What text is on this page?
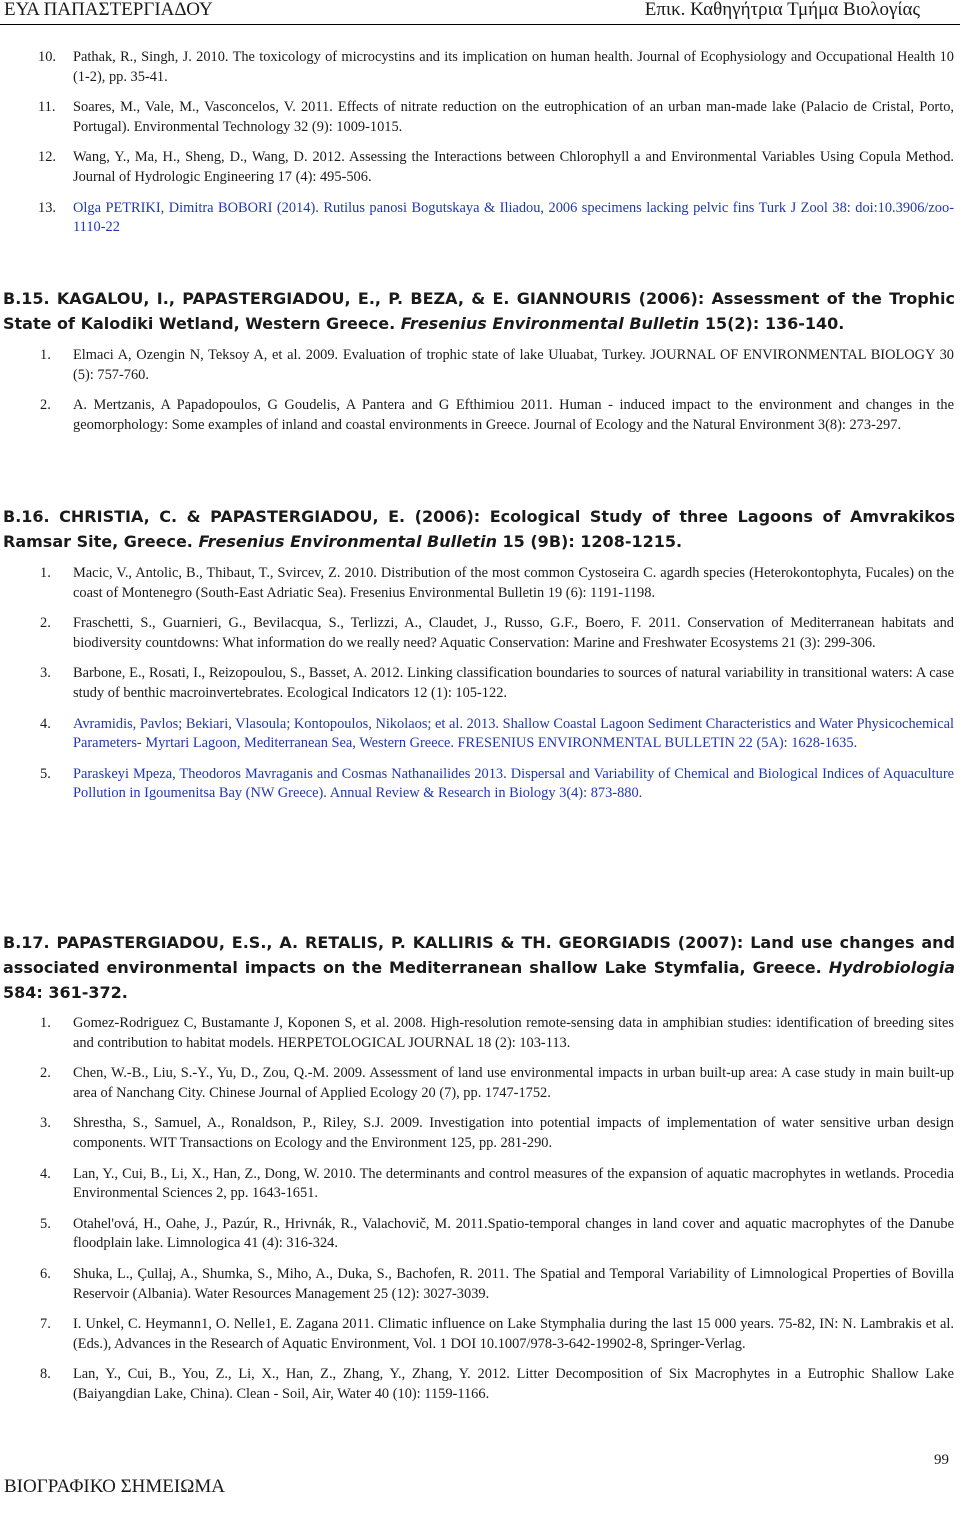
ΕΥΑ ΠΑΠΑΣΤΕΡΓΙΑΔΟΥ	Επικ. Καθηγήτρια Τμήμα Βιολογίας
10. Pathak, R., Singh, J. 2010. The toxicology of microcystins and its implication on human health. Journal of Ecophysiology and Occupational Health 10 (1-2), pp. 35-41.
11. Soares, M., Vale, M., Vasconcelos, V. 2011. Effects of nitrate reduction on the eutrophication of an urban man-made lake (Palacio de Cristal, Porto, Portugal). Environmental Technology 32 (9): 1009-1015.
12. Wang, Y., Ma, H., Sheng, D., Wang, D. 2012. Assessing the Interactions between Chlorophyll a and Environmental Variables Using Copula Method. Journal of Hydrologic Engineering 17 (4): 495-506.
13. Olga PETRIKI, Dimitra BOBORI (2014). Rutilus panosi Bogutskaya & Iliadou, 2006 specimens lacking pelvic fins Turk J Zool 38: doi:10.3906/zoo-1110-22
B.15. KAGALOU, I., PAPASTERGIADOU, E., P. BEZA, & E. GIANNOURIS (2006): Assessment of the Trophic State of Kalodiki Wetland, Western Greece. Fresenius Environmental Bulletin 15(2): 136-140.
1. Elmaci A, Ozengin N, Teksoy A, et al. 2009. Evaluation of trophic state of lake Uluabat, Turkey. JOURNAL OF ENVIRONMENTAL BIOLOGY 30 (5): 757-760.
2. A. Mertzanis, A Papadopoulos, G Goudelis, A Pantera and G Efthimiou 2011. Human - induced impact to the environment and changes in the geomorphology: Some examples of inland and coastal environments in Greece. Journal of Ecology and the Natural Environment 3(8): 273-297.
B.16. CHRISTIA, C. & PAPASTERGIADOU, E. (2006): Ecological Study of three Lagoons of Amvrakikos Ramsar Site, Greece. Fresenius Environmental Bulletin 15 (9B): 1208-1215.
1. Macic, V., Antolic, B., Thibaut, T., Svircev, Z. 2010. Distribution of the most common Cystoseira C. agardh species (Heterokontophyta, Fucales) on the coast of Montenegro (South-East Adriatic Sea). Fresenius Environmental Bulletin 19 (6): 1191-1198.
2. Fraschetti, S., Guarnieri, G., Bevilacqua, S., Terlizzi, A., Claudet, J., Russo, G.F., Boero, F. 2011. Conservation of Mediterranean habitats and biodiversity countdowns: What information do we really need? Aquatic Conservation: Marine and Freshwater Ecosystems 21 (3): 299-306.
3. Barbone, E., Rosati, I., Reizopoulou, S., Basset, A. 2012. Linking classification boundaries to sources of natural variability in transitional waters: A case study of benthic macroinvertebrates. Ecological Indicators 12 (1): 105-122.
4. Avramidis, Pavlos; Bekiari, Vlasoula; Kontopoulos, Nikolaos; et al. 2013. Shallow Coastal Lagoon Sediment Characteristics and Water Physicochemical Parameters- Myrtari Lagoon, Mediterranean Sea, Western Greece. FRESENIUS ENVIRONMENTAL BULLETIN 22 (5A): 1628-1635.
5. Paraskeyi Mpeza, Theodoros Mavraganis and Cosmas Nathanailides 2013. Dispersal and Variability of Chemical and Biological Indices of Aquaculture Pollution in Igoumenitsa Bay (NW Greece). Annual Review & Research in Biology 3(4): 873-880.
B.17. PAPASTERGIADOU, E.S., A. RETALIS, P. KALLIRIS & TH. GEORGIADIS (2007): Land use changes and associated environmental impacts on the Mediterranean shallow Lake Stymfalia, Greece. Hydrobiologia 584: 361-372.
1. Gomez-Rodriguez C, Bustamante J, Koponen S, et al. 2008. High-resolution remote-sensing data in amphibian studies: identification of breeding sites and contribution to habitat models. HERPETOLOGICAL JOURNAL 18 (2): 103-113.
2. Chen, W.-B., Liu, S.-Y., Yu, D., Zou, Q.-M. 2009. Assessment of land use environmental impacts in urban built-up area: A case study in main built-up area of Nanchang City. Chinese Journal of Applied Ecology 20 (7), pp. 1747-1752.
3. Shrestha, S., Samuel, A., Ronaldson, P., Riley, S.J. 2009. Investigation into potential impacts of implementation of water sensitive urban design components. WIT Transactions on Ecology and the Environment 125, pp. 281-290.
4. Lan, Y., Cui, B., Li, X., Han, Z., Dong, W. 2010. The determinants and control measures of the expansion of aquatic macrophytes in wetlands. Procedia Environmental Sciences 2, pp. 1643-1651.
5. Otahel'ová, H., Oahe, J., Pazúr, R., Hrivnák, R., Valachovič, M. 2011.Spatio-temporal changes in land cover and aquatic macrophytes of the Danube floodplain lake. Limnologica 41 (4): 316-324.
6. Shuka, L., Çullaj, A., Shumka, S., Miho, A., Duka, S., Bachofen, R. 2011. The Spatial and Temporal Variability of Limnological Properties of Bovilla Reservoir (Albania). Water Resources Management 25 (12): 3027-3039.
7. I. Unkel, C. Heymann1, O. Nelle1, E. Zagana 2011. Climatic influence on Lake Stymphalia during the last 15 000 years. 75-82, IN: N. Lambrakis et al. (Eds.), Advances in the Research of Aquatic Environment, Vol. 1 DOI 10.1007/978-3-642-19902-8, Springer-Verlag.
8. Lan, Y., Cui, B., You, Z., Li, X., Han, Z., Zhang, Y., Zhang, Y. 2012. Litter Decomposition of Six Macrophytes in a Eutrophic Shallow Lake (Baiyangdian Lake, China). Clean - Soil, Air, Water 40 (10): 1159-1166.
99
ΒΙΟΓΡΑΦΙΚΟ ΣΗΜΕΙΩΜΑ
